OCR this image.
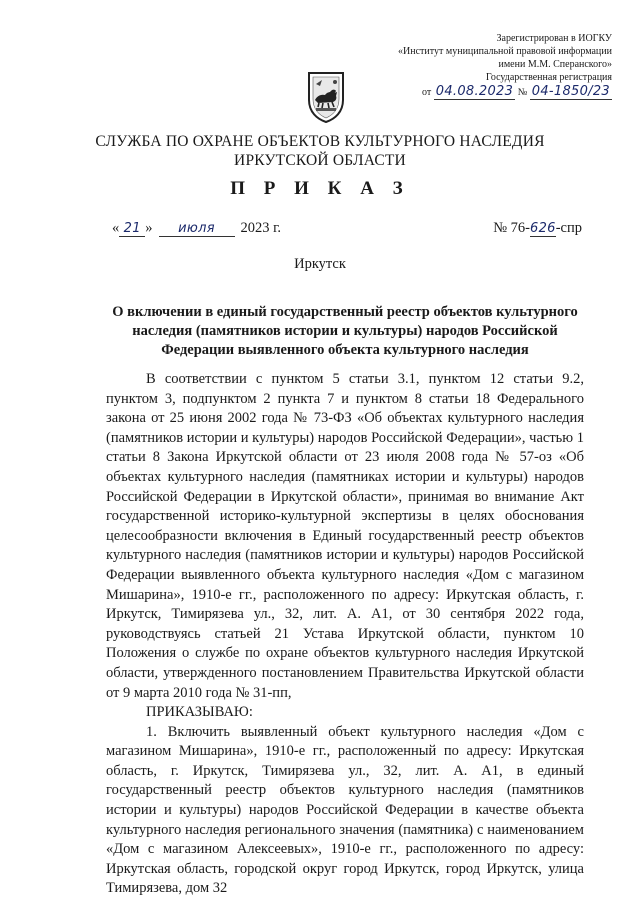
Зарегистрирован в ИОГКУ
«Институт муниципальной правовой информации
имени М.М. Сперанского»
Государственная регистрация
от 04.08.2023 № 04-1850/23
СЛУЖБА ПО ОХРАНЕ ОБЪЕКТОВ КУЛЬТУРНОГО НАСЛЕДИЯ
ИРКУТСКОЙ ОБЛАСТИ
П Р И К А З
« 21 » июля 2023 г.	№ 76-626-спр
Иркутск
О включении в единый государственный реестр объектов культурного наследия (памятников истории и культуры) народов Российской Федерации выявленного объекта культурного наследия

В соответствии с пунктом 5 статьи 3.1, пунктом 12 статьи 9.2, пунктом 3, подпунктом 2 пункта 7 и пунктом 8 статьи 18 Федерального закона от 25 июня 2002 года № 73-ФЗ «Об объектах культурного наследия (памятников истории и культуры) народов Российской Федерации», частью 1 статьи 8 Закона Иркутской области от 23 июля 2008 года № 57-оз «Об объектах культурного наследия (памятниках истории и культуры) народов Российской Федерации в Иркутской области», принимая во внимание Акт государственной историко-культурной экспертизы в целях обоснования целесообразности включения в Единый государственный реестр объектов культурного наследия (памятников истории и культуры) народов Российской Федерации выявленного объекта культурного наследия «Дом с магазином Мишарина», 1910-е гг., расположенного по адресу: Иркутская область, г. Иркутск, Тимирязева ул., 32, лит. А. А1, от 30 сентября 2022 года, руководствуясь статьей 21 Устава Иркутской области, пунктом 10 Положения о службе по охране объектов культурного наследия Иркутской области, утвержденного постановлением Правительства Иркутской области от 9 марта 2010 года № 31-пп,

ПРИКАЗЫВАЮ:

1. Включить выявленный объект культурного наследия «Дом с магазином Мишарина», 1910-е гг., расположенный по адресу: Иркутская область, г. Иркутск, Тимирязева ул., 32, лит. А. А1, в единый государственный реестр объектов культурного наследия (памятников истории и культуры) народов Российской Федерации в качестве объекта культурного наследия регионального значения (памятника) с наименованием «Дом с магазином Алексеевых», 1910-е гг., расположенного по адресу: Иркутская область, городской округ город Иркутск, город Иркутск, улица Тимирязева, дом 32
